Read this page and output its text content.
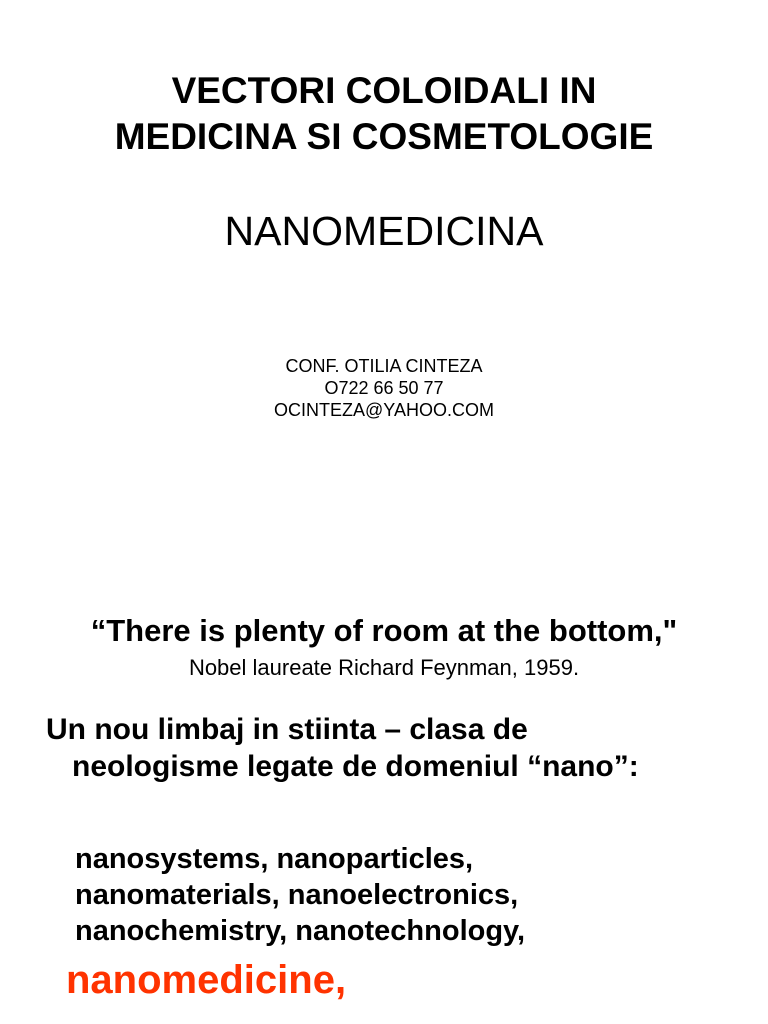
VECTORI COLOIDALI IN
MEDICINA SI COSMETOLOGIE
NANOMEDICINA
CONF. OTILIA CINTEZA
O722 66 50 77
OCINTEZA@YAHOO.COM

“There is plenty of room at the bottom,"

Nobel laureate Richard Feynman, 1959.
Un nou limbaj in stiinta – clasa de
neologisme legate de domeniul “nano”:
nanosystems, nanoparticles,
nanomaterials, nanoelectronics,
nanochemistry, nanotechnology,
nanomedicine,
